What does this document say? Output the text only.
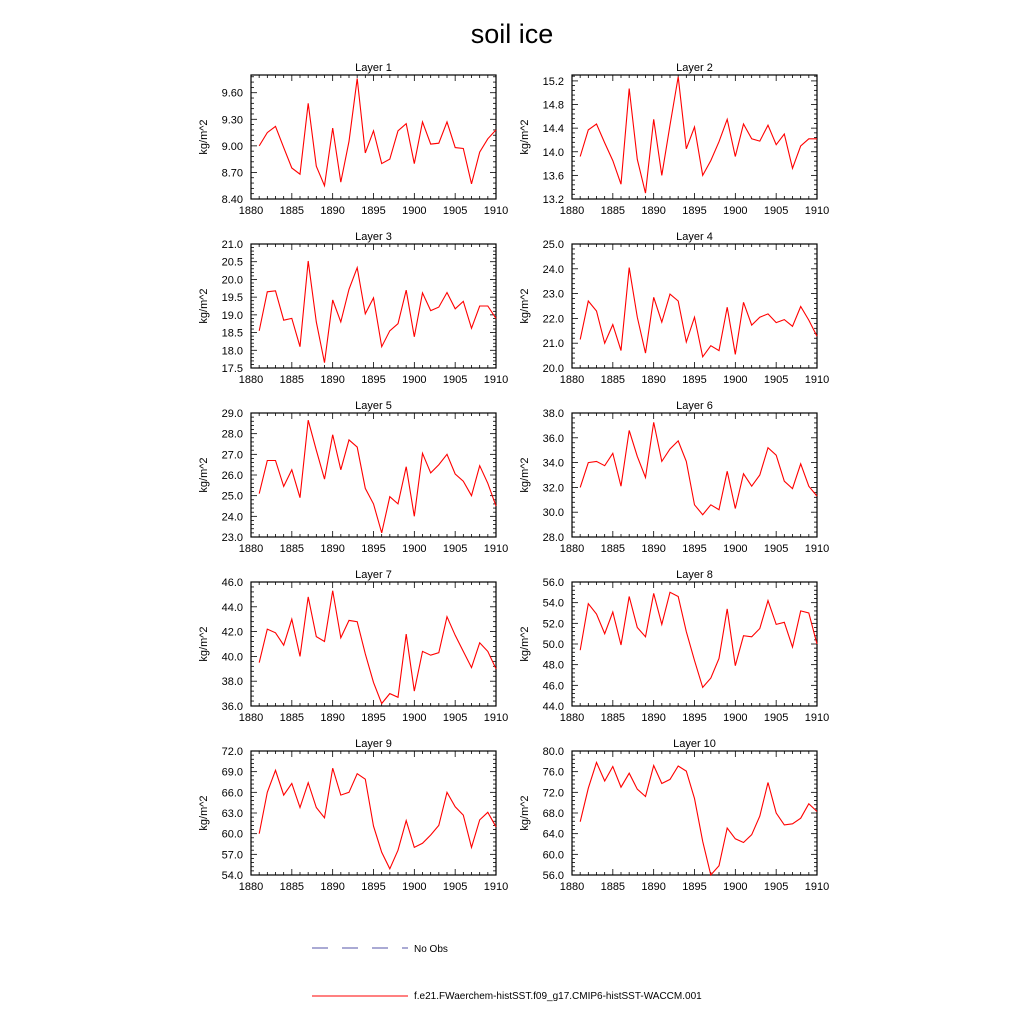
soil ice
Layer 1
1880 1885 1890 1895 1900 1905 1910
8.40
8.70
9.00
9.30
9.60
kg/m^2
Layer 2
1880 1885 1890 1895 1900 1905 1910
13.2
13.6
14.0
14.4
14.8
15.2
kg/m^2
Layer 3
1880 1885 1890 1895 1900 1905 1910
17.5
18.0
18.5
19.0
19.5
20.0
20.5
21.0
kg/m^2
Layer 4
1880 1885 1890 1895 1900 1905 1910
20.0
21.0
22.0
23.0
24.0
25.0
kg/m^2
Layer 5
1880 1885 1890 1895 1900 1905 1910
23.0
24.0
25.0
26.0
27.0
28.0
29.0
kg/m^2
Layer 6
1880 1885 1890 1895 1900 1905 1910
28.0
30.0
32.0
34.0
36.0
38.0
kg/m^2
Layer 7
1880 1885 1890 1895 1900 1905 1910
36.0
38.0
40.0
42.0
44.0
46.0
kg/m^2
Layer 8
1880 1885 1890 1895 1900 1905 1910
44.0
46.0
48.0
50.0
52.0
54.0
56.0
kg/m^2
Layer 9
1880 1885 1890 1895 1900 1905 1910
54.0
57.0
60.0
63.0
66.0
69.0
72.0
kg/m^2
Layer 10
1880 1885 1890 1895 1900 1905 1910
56.0
60.0
64.0
68.0
72.0
76.0
80.0
kg/m^2
No Obs
f.e21.FWaerchem-histSST.f09_g17.CMIP6-histSST-WACCM.001
